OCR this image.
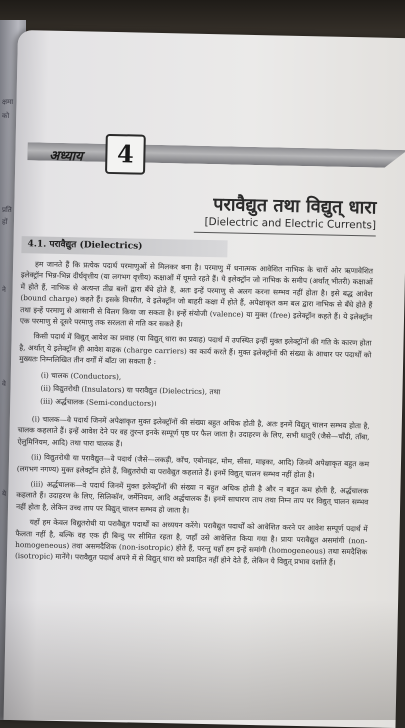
क्षमा
को
प्रति
हों
ने
वे
ये
अध्याय	4
परावैद्युत तथा विद्युत् धारा
[Dielectric and Electric Currents]
4.1. परावैद्युत (Dielectrics)

हम जानते हैं कि प्रत्येक पदार्थ परमाणुओं से मिलकर बना है। परमाणु में धनात्मक आवेशित नाभिक के चारों ओर ऋणावेशित इलेक्ट्रॉन भिन्न-भिन्न दीर्घवृत्तीय (या लगभग वृत्तीय) कक्षाओं में घूमते रहते हैं। ये इलेक्ट्रॉन जो नाभिक के समीप (अर्थात् भीतरी) कक्षाओं में होते हैं, नाभिक से अत्यन्त तीव्र बलों द्वारा बँधे होते हैं, अतः इन्हें परमाणु से अलग करना सम्भव नहीं होता है। इसे बद्ध आवेश (bound charge) कहते हैं। इसके विपरीत, वे इलेक्ट्रॉन जो बाहरी कक्षा में होते हैं, अपेक्षाकृत कम बल द्वारा नाभिक से बँधे होते हैं तथा इन्हें परमाणु से आसानी से विलग किया जा सकता है। इन्हें संयोजी (valence) या मुक्त (free) इलेक्ट्रॉन कहते हैं। ये इलेक्ट्रॉन एक परमाणु से दूसरे परमाणु तक सरलता से गति कर सकते हैं।

किसी पदार्थ में विद्युत् आवेश का प्रवाह (या विद्युत् धारा का प्रवाह) पदार्थ में उपस्थित इन्हीं मुक्त इलेक्ट्रॉनों की गति के कारण होता है, अर्थात् ये इलेक्ट्रॉन ही आवेश वाहक (charge carriers) का कार्य करते हैं। मुक्त इलेक्ट्रॉनों की संख्या के आधार पर पदार्थों को मुख्यतः निम्नलिखित तीन वर्गों में बाँटा जा सकता है :

(i) चालक (Conductors),
(ii) विद्युतरोधी (Insulators) या परावैद्युत (Dielectrics), तथा
(iii) अर्द्धचालक (Semi-conductors)।

(i) चालक—वे पदार्थ जिनमें अपेक्षाकृत मुक्त इलेक्ट्रॉनों की संख्या बहुत अधिक होती है, अतः इनमें विद्युत् चालन सम्भव होता है, चालक कहलाते हैं। इन्हें आवेश देने पर वह तुरन्त इनके सम्पूर्ण पृष्ठ पर फैल जाता है। उदाहरण के लिए, सभी धातुएँ (जैसे—चाँदी, ताँबा, ऐलुमिनियम, आदि) तथा पारा चालक हैं।

(ii) विद्युतरोधी या परावैद्युत—वे पदार्थ (जैसे—लकड़ी, काँच, एबोनाइट, मोम, सीसा, माइका, आदि) जिनमें अपेक्षाकृत बहुत कम (लगभग नगण्य) मुक्त इलेक्ट्रॉन होते हैं, विद्युतरोधी या परावैद्युत कहलाते हैं। इनमें विद्युत् चालन सम्भव नहीं होता है।

(iii) अर्द्धचालक—वे पदार्थ जिनमें मुक्त इलेक्ट्रॉनों की संख्या न बहुत अधिक होती है और न बहुत कम होती है, अर्द्धचालक कहलाते हैं। उदाहरण के लिए, सिलिकॉन, जर्मेनियम, आदि अर्द्धचालक हैं। इनमें साधारण ताप तथा निम्न ताप पर विद्युत् चालन सम्भव नहीं होता है, लेकिन उच्च ताप पर विद्युत् चालन सम्भव हो जाता है।

यहाँ हम केवल विद्युतरोधी या परावैद्युत पदार्थों का अध्ययन करेंगे। परावैद्युत पदार्थों को आवेशित करने पर आवेश सम्पूर्ण पदार्थ में फैलता नहीं है, बल्कि वह एक ही बिन्दु पर सीमित रहता है, जहाँ उसे आवेशित किया गया है। प्रायः परावैद्युत असमांगी (non-homogeneous) तथा असमदैशिक (non-isotropic) होते हैं, परन्तु यहाँ हम इन्हें समांगी (homogeneous) तथा समदैशिक (isotropic) मानेंगे। परावैद्युत पदार्थ अपने में से विद्युत् धारा को प्रवाहित नहीं होने देते हैं, लेकिन ये विद्युत् प्रभाव दर्शाते हैं।
